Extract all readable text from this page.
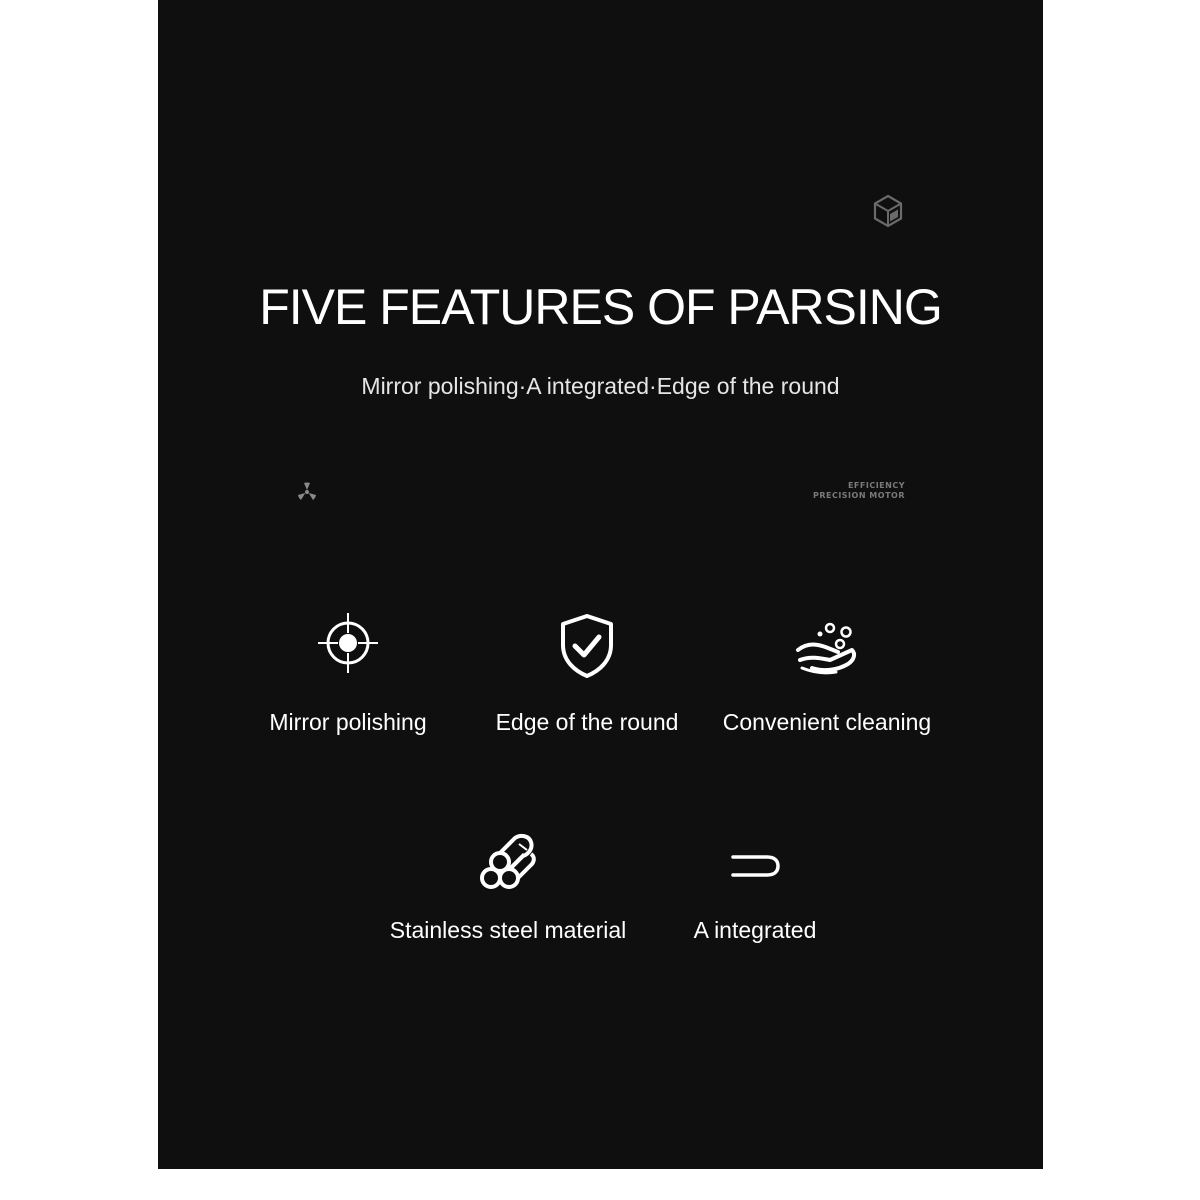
FIVE FEATURES OF PARSING
Mirror polishing·A integrated·Edge of the round
EFFICIENCY
PRECISION MOTOR
Mirror polishing	Edge of the round	Convenient cleaning
Stainless steel material	A integrated
